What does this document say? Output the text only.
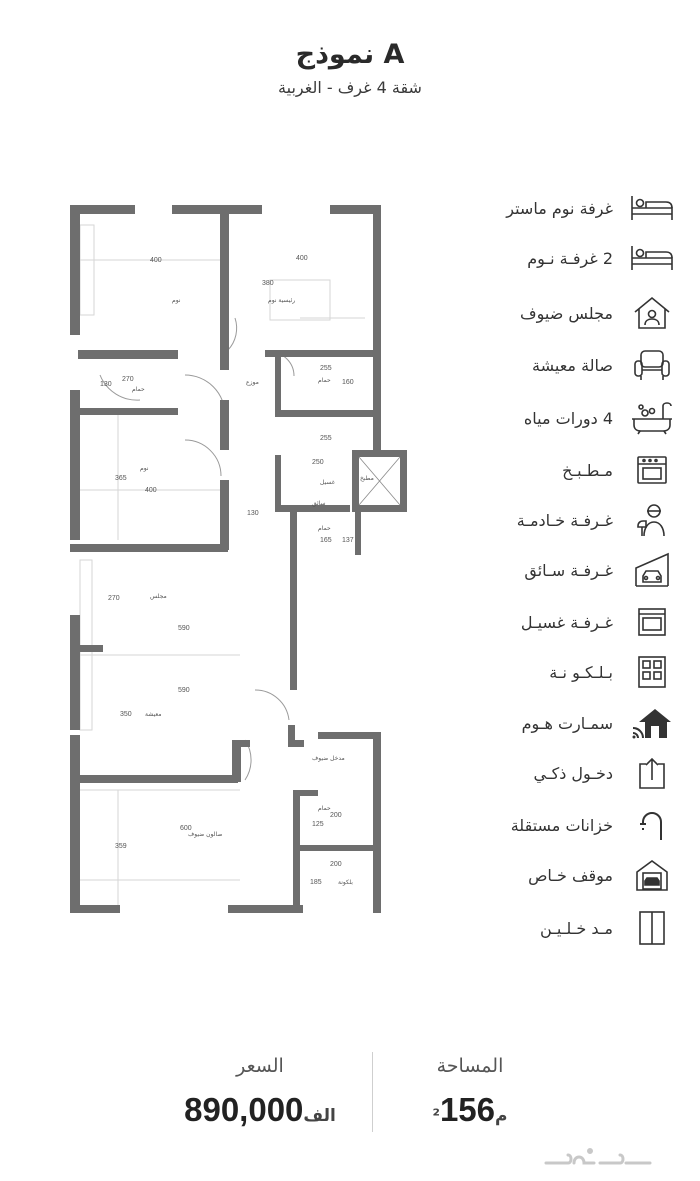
نموذج A
شقة 4 غرف - الغربية
400	400
380
270
130
255
160
255
250
365
400
165 137
130
270
590
590
350
600
359
200
125
200
185
نوم	رئيسية نوم
حمام
موزع	حمام
غسيل
مطبخ
نوم
سائق
حمام
مجلس
معيشة
مدخل ضيوف
حمام
صالون ضيوف
بلكونة
غرفة نوم ماستر
2 غرفـة نـوم
مجلس ضيوف
صالة معيشة
4 دورات مياه
مـطـبـخ
غـرفـة خـادمـة
غـرفـة سـائق
غـرفـة غسيـل
بـلـكـو نـة
سمـارت هـوم
دخـول ذكـي
خزانات مستقلة
موقف خـاص
مـد خـلـيـن
المساحة
م²156
السعر
الف890,000
